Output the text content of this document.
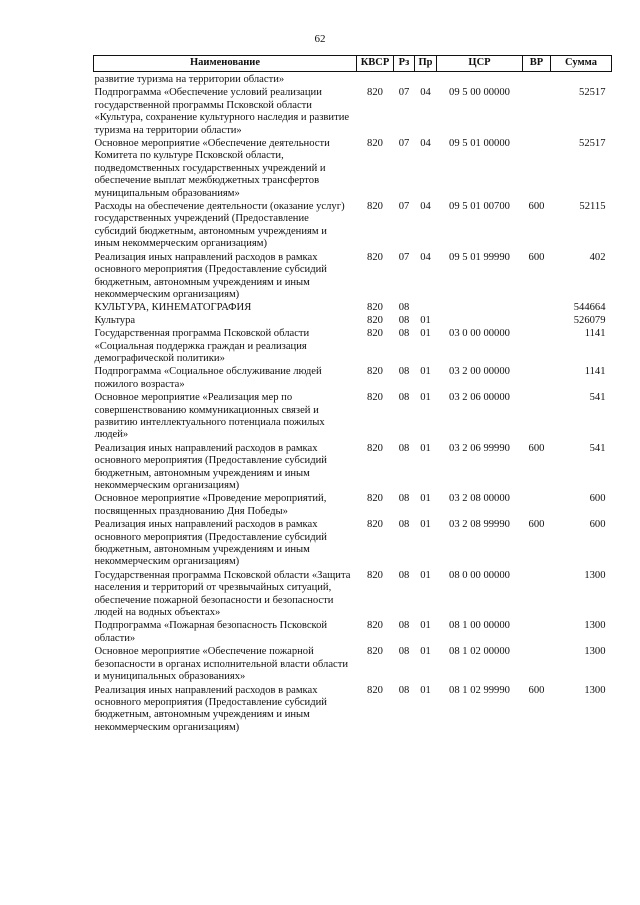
62
Наименование	КВСР	Рз	Пр	ЦСР	ВР	Сумма
развитие туризма на территории области»						
Подпрограмма «Обеспечение условий реализации государственной программы Псковской области «Культура, сохранение культурного наследия и развитие туризма на территории области»	820	07	04	09 5 00 00000		52517
Основное мероприятие «Обеспечение деятельности Комитета по культуре Псковской области, подведомственных государственных учреждений и обеспечение выплат межбюджетных трансфертов муниципальным образованиям»	820	07	04	09 5 01 00000		52517
Расходы на обеспечение деятельности (оказание услуг) государственных учреждений (Предоставление субсидий бюджетным, автономным учреждениям и иным некоммерческим организациям)	820	07	04	09 5 01 00700	600	52115
Реализация иных направлений расходов в рамках основного мероприятия (Предоставление субсидий бюджетным, автономным учреждениям и иным некоммерческим организациям)	820	07	04	09 5 01 99990	600	402
КУЛЬТУРА, КИНЕМАТОГРАФИЯ	820	08				544664
Культура	820	08	01			526079
Государственная программа Псковской области «Социальная поддержка граждан и реализация демографической политики»	820	08	01	03 0 00 00000		1141
Подпрограмма «Социальное обслуживание людей пожилого возраста»	820	08	01	03 2 00 00000		1141
Основное мероприятие «Реализация мер по совершенствованию коммуникационных связей и развитию интеллектуального потенциала пожилых людей»	820	08	01	03 2 06 00000		541
Реализация иных направлений расходов в рамках основного мероприятия (Предоставление субсидий бюджетным, автономным учреждениям и иным некоммерческим организациям)	820	08	01	03 2 06 99990	600	541
Основное мероприятие «Проведение мероприятий, посвященных празднованию Дня Победы»	820	08	01	03 2 08 00000		600
Реализация иных направлений расходов в рамках основного мероприятия (Предоставление субсидий бюджетным, автономным учреждениям и иным некоммерческим организациям)	820	08	01	03 2 08 99990	600	600
Государственная программа Псковской области «Защита населения и территорий от чрезвычайных ситуаций, обеспечение пожарной безопасности и безопасности людей на водных объектах»	820	08	01	08 0 00 00000		1300
Подпрограмма «Пожарная безопасность Псковской области»	820	08	01	08 1 00 00000		1300
Основное мероприятие «Обеспечение пожарной безопасности в органах исполнительной власти области и муниципальных образованиях»	820	08	01	08 1 02 00000		1300
Реализация иных направлений расходов в рамках основного мероприятия (Предоставление субсидий бюджетным, автономным учреждениям и иным некоммерческим организациям)	820	08	01	08 1 02 99990	600	1300
